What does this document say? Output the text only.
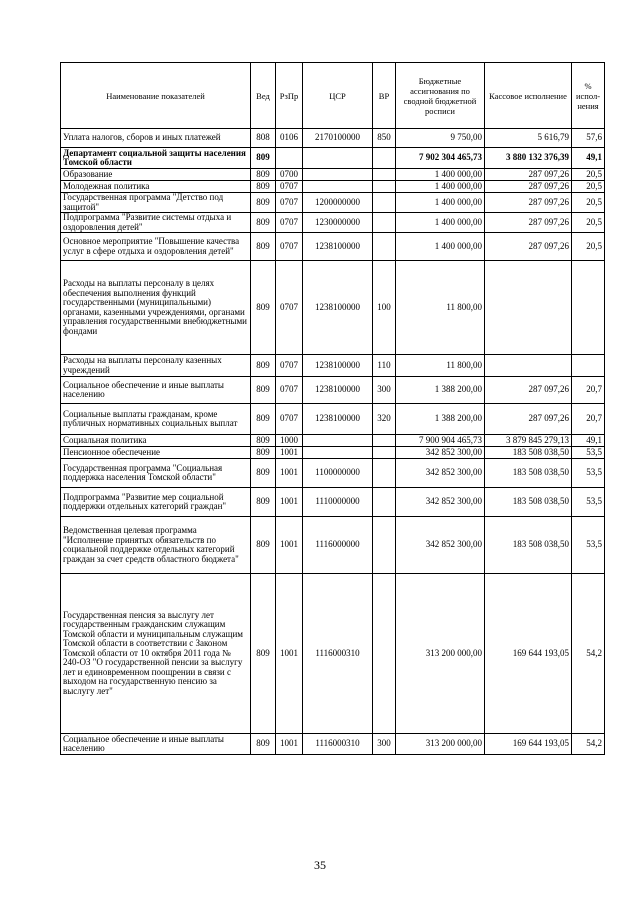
Наименование показателей	Вед	РзПр	ЦСР	ВР	Бюджетные ассигнования по сводной бюджетной росписи	Кассовое исполнение	% испол-нения
Уплата налогов, сборов и иных платежей	808	0106	2170100000	850	9 750,00	5 616,79	57,6
Департамент социальной защиты населения Томской области	809				7 902 304 465,73	3 880 132 376,39	49,1
Образование	809	0700			1 400 000,00	287 097,26	20,5
Молодежная политика	809	0707			1 400 000,00	287 097,26	20,5
Государственная программа "Детство под защитой"	809	0707	1200000000		1 400 000,00	287 097,26	20,5
Подпрограмма "Развитие системы отдыха и оздоровления детей"	809	0707	1230000000		1 400 000,00	287 097,26	20,5
Основное мероприятие "Повышение качества услуг в сфере отдыха и оздоровления детей"	809	0707	1238100000		1 400 000,00	287 097,26	20,5
Расходы на выплаты персоналу в целях обеспечения выполнения функций государственными (муниципальными) органами, казенными учреждениями, органами управления государственными внебюджетными фондами	809	0707	1238100000	100	11 800,00		
Расходы на выплаты персоналу казенных учреждений	809	0707	1238100000	110	11 800,00		
Социальное обеспечение и иные выплаты населению	809	0707	1238100000	300	1 388 200,00	287 097,26	20,7
Социальные выплаты гражданам, кроме публичных нормативных социальных выплат	809	0707	1238100000	320	1 388 200,00	287 097,26	20,7
Социальная политика	809	1000			7 900 904 465,73	3 879 845 279,13	49,1
Пенсионное обеспечение	809	1001			342 852 300,00	183 508 038,50	53,5
Государственная программа "Социальная поддержка населения Томской области"	809	1001	1100000000		342 852 300,00	183 508 038,50	53,5
Подпрограмма "Развитие мер социальной поддержки отдельных категорий граждан"	809	1001	1110000000		342 852 300,00	183 508 038,50	53,5
Ведомственная целевая программа "Исполнение принятых обязательств по социальной поддержке отдельных категорий граждан за счет средств областного бюджета"	809	1001	1116000000		342 852 300,00	183 508 038,50	53,5
Государственная пенсия за выслугу лет государственным гражданским служащим Томской области и муниципальным служащим Томской области в соответствии с Законом Томской области от 10 октября 2011 года № 240-ОЗ "О государственной пенсии за выслугу лет и единовременном поощрении в связи с выходом на государственную пенсию за выслугу лет"	809	1001	1116000310		313 200 000,00	169 644 193,05	54,2
Социальное обеспечение и иные выплаты населению	809	1001	1116000310	300	313 200 000,00	169 644 193,05	54,2
35
